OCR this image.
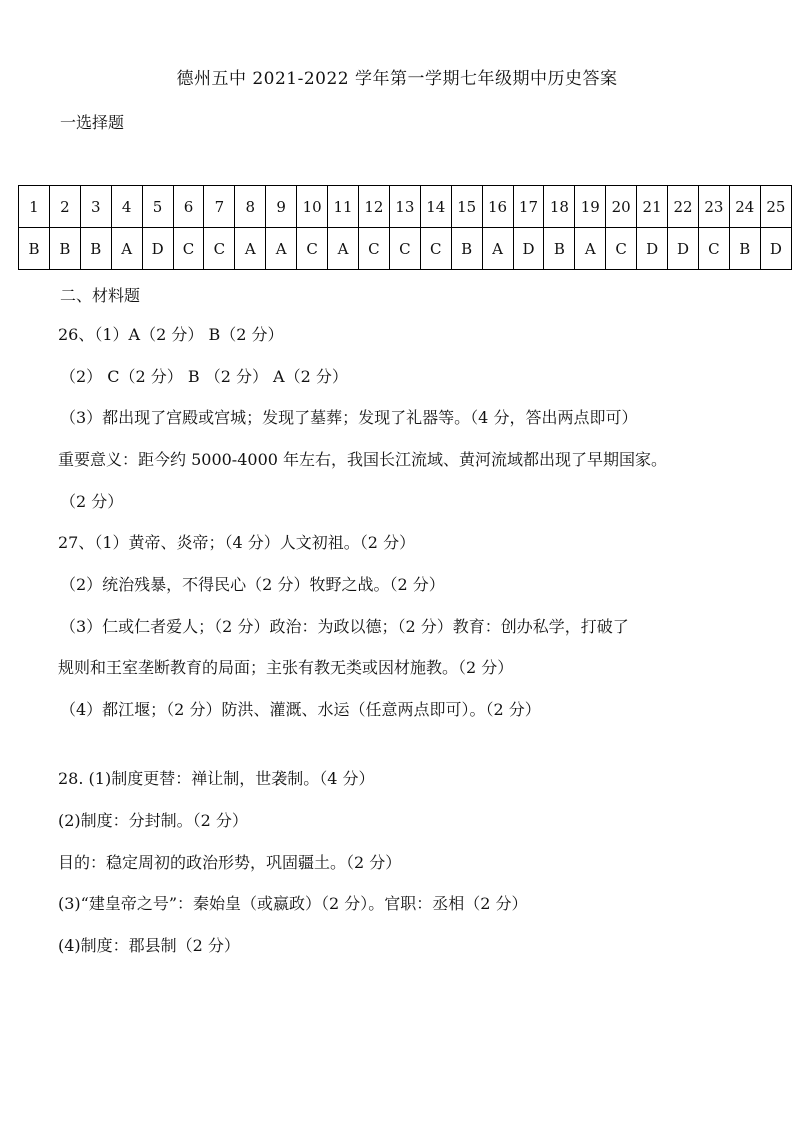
德州五中 2021-2022 学年第一学期七年级期中历史答案
一选择题
1	2	3	4	5	6	7	8	9	10	11	12	13	14	15	16	17	18	19	20	21	22	23	24	25
B	B	B	A	D	C	C	A	A	C	A	C	C	C	B	A	D	B	A	C	D	D	C	B	D
二、材料题
26、（1）A（2 分） B（2 分）
（2） C（2 分） B （2 分） A（2 分）
（3）都出现了宫殿或宫城；发现了墓葬；发现了礼器等。（4 分，答出两点即可）
重要意义：距今约 5000-4000 年左右，我国长江流域、黄河流域都出现了早期国家。
（2 分）
27、（1）黄帝、炎帝；（4 分）人文初祖。（2 分）
（2）统治残暴，不得民心（2 分）牧野之战。（2 分）
（3）仁或仁者爱人；（2 分）政治：为政以德；（2 分）教育：创办私学，打破了
规则和王室垄断教育的局面；主张有教无类或因材施教。（2 分）
（4）都江堰；（2 分）防洪、灌溉、水运（任意两点即可）。（2 分）
28. (1)制度更替：禅让制，世袭制。（4 分）
(2)制度：分封制。（2 分）
目的：稳定周初的政治形势，巩固疆土。（2 分）
(3)“建皇帝之号”：秦始皇（或嬴政）（2 分）。官职：丞相（2 分）
(4)制度：郡县制（2 分）
